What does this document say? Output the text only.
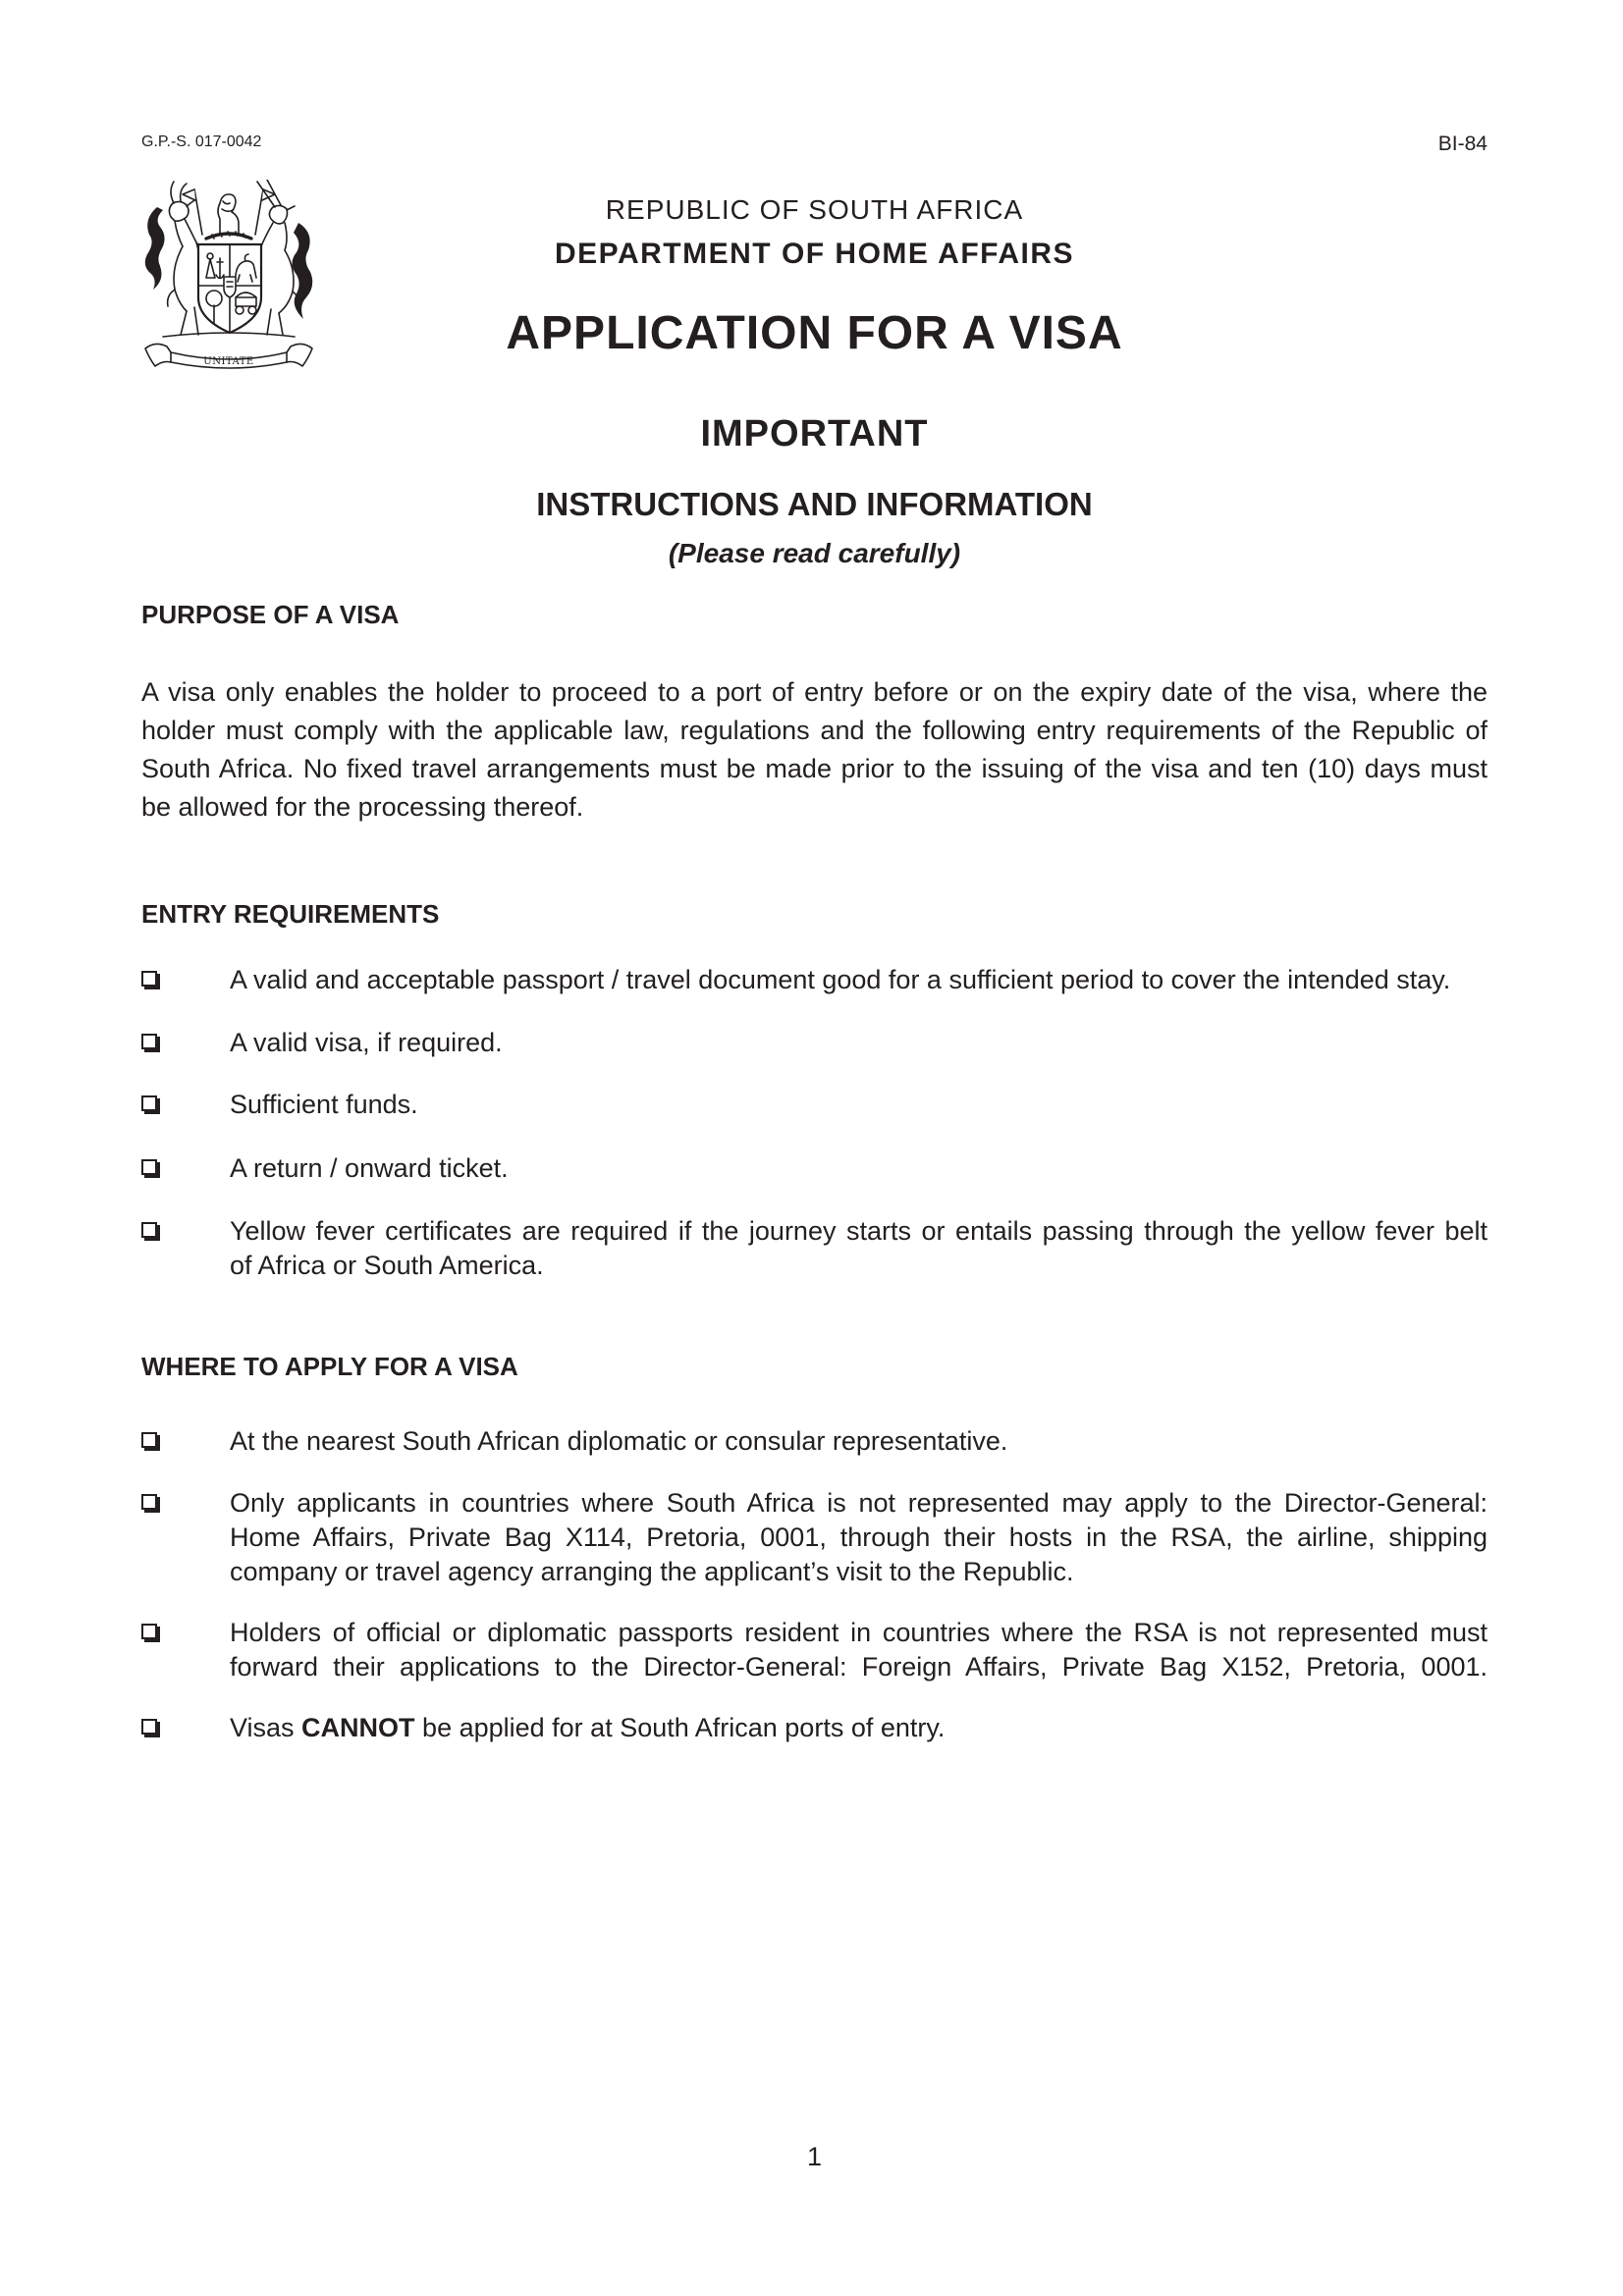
G.P.-S. 017-0042	BI-84
UNITATE
REPUBLIC OF SOUTH AFRICA
DEPARTMENT OF HOME AFFAIRS
APPLICATION FOR A VISA
IMPORTANT
INSTRUCTIONS AND INFORMATION
(Please read carefully)
PURPOSE OF A VISA
A visa only enables the holder to proceed to a port of entry before or on the expiry date of the visa, where the
holder must comply with the applicable law, regulations and the following entry requirements of the Republic of
South Africa. No fixed travel arrangements must be made prior to the issuing of the visa and ten (10) days must
be allowed for the processing thereof.
ENTRY REQUIREMENTS
A valid and acceptable passport / travel document good for a sufficient period to cover the intended stay.
A valid visa, if required.
Sufficient funds.
A return / onward ticket.
Yellow fever certificates are required if the journey starts or entails passing through the yellow fever belt
of Africa or South America.
WHERE TO APPLY FOR A VISA
At the nearest South African diplomatic or consular representative.
Only applicants in countries where South Africa is not represented may apply to the Director-General:
Home Affairs, Private Bag X114, Pretoria, 0001, through their hosts in the RSA, the airline, shipping
company or travel agency arranging the applicant’s visit to the Republic.
Holders of official or diplomatic passports resident in countries where the RSA is not represented must
forward their applications to the Director-General: Foreign Affairs, Private Bag X152, Pretoria, 0001.
Visas CANNOT be applied for at South African ports of entry.
1
